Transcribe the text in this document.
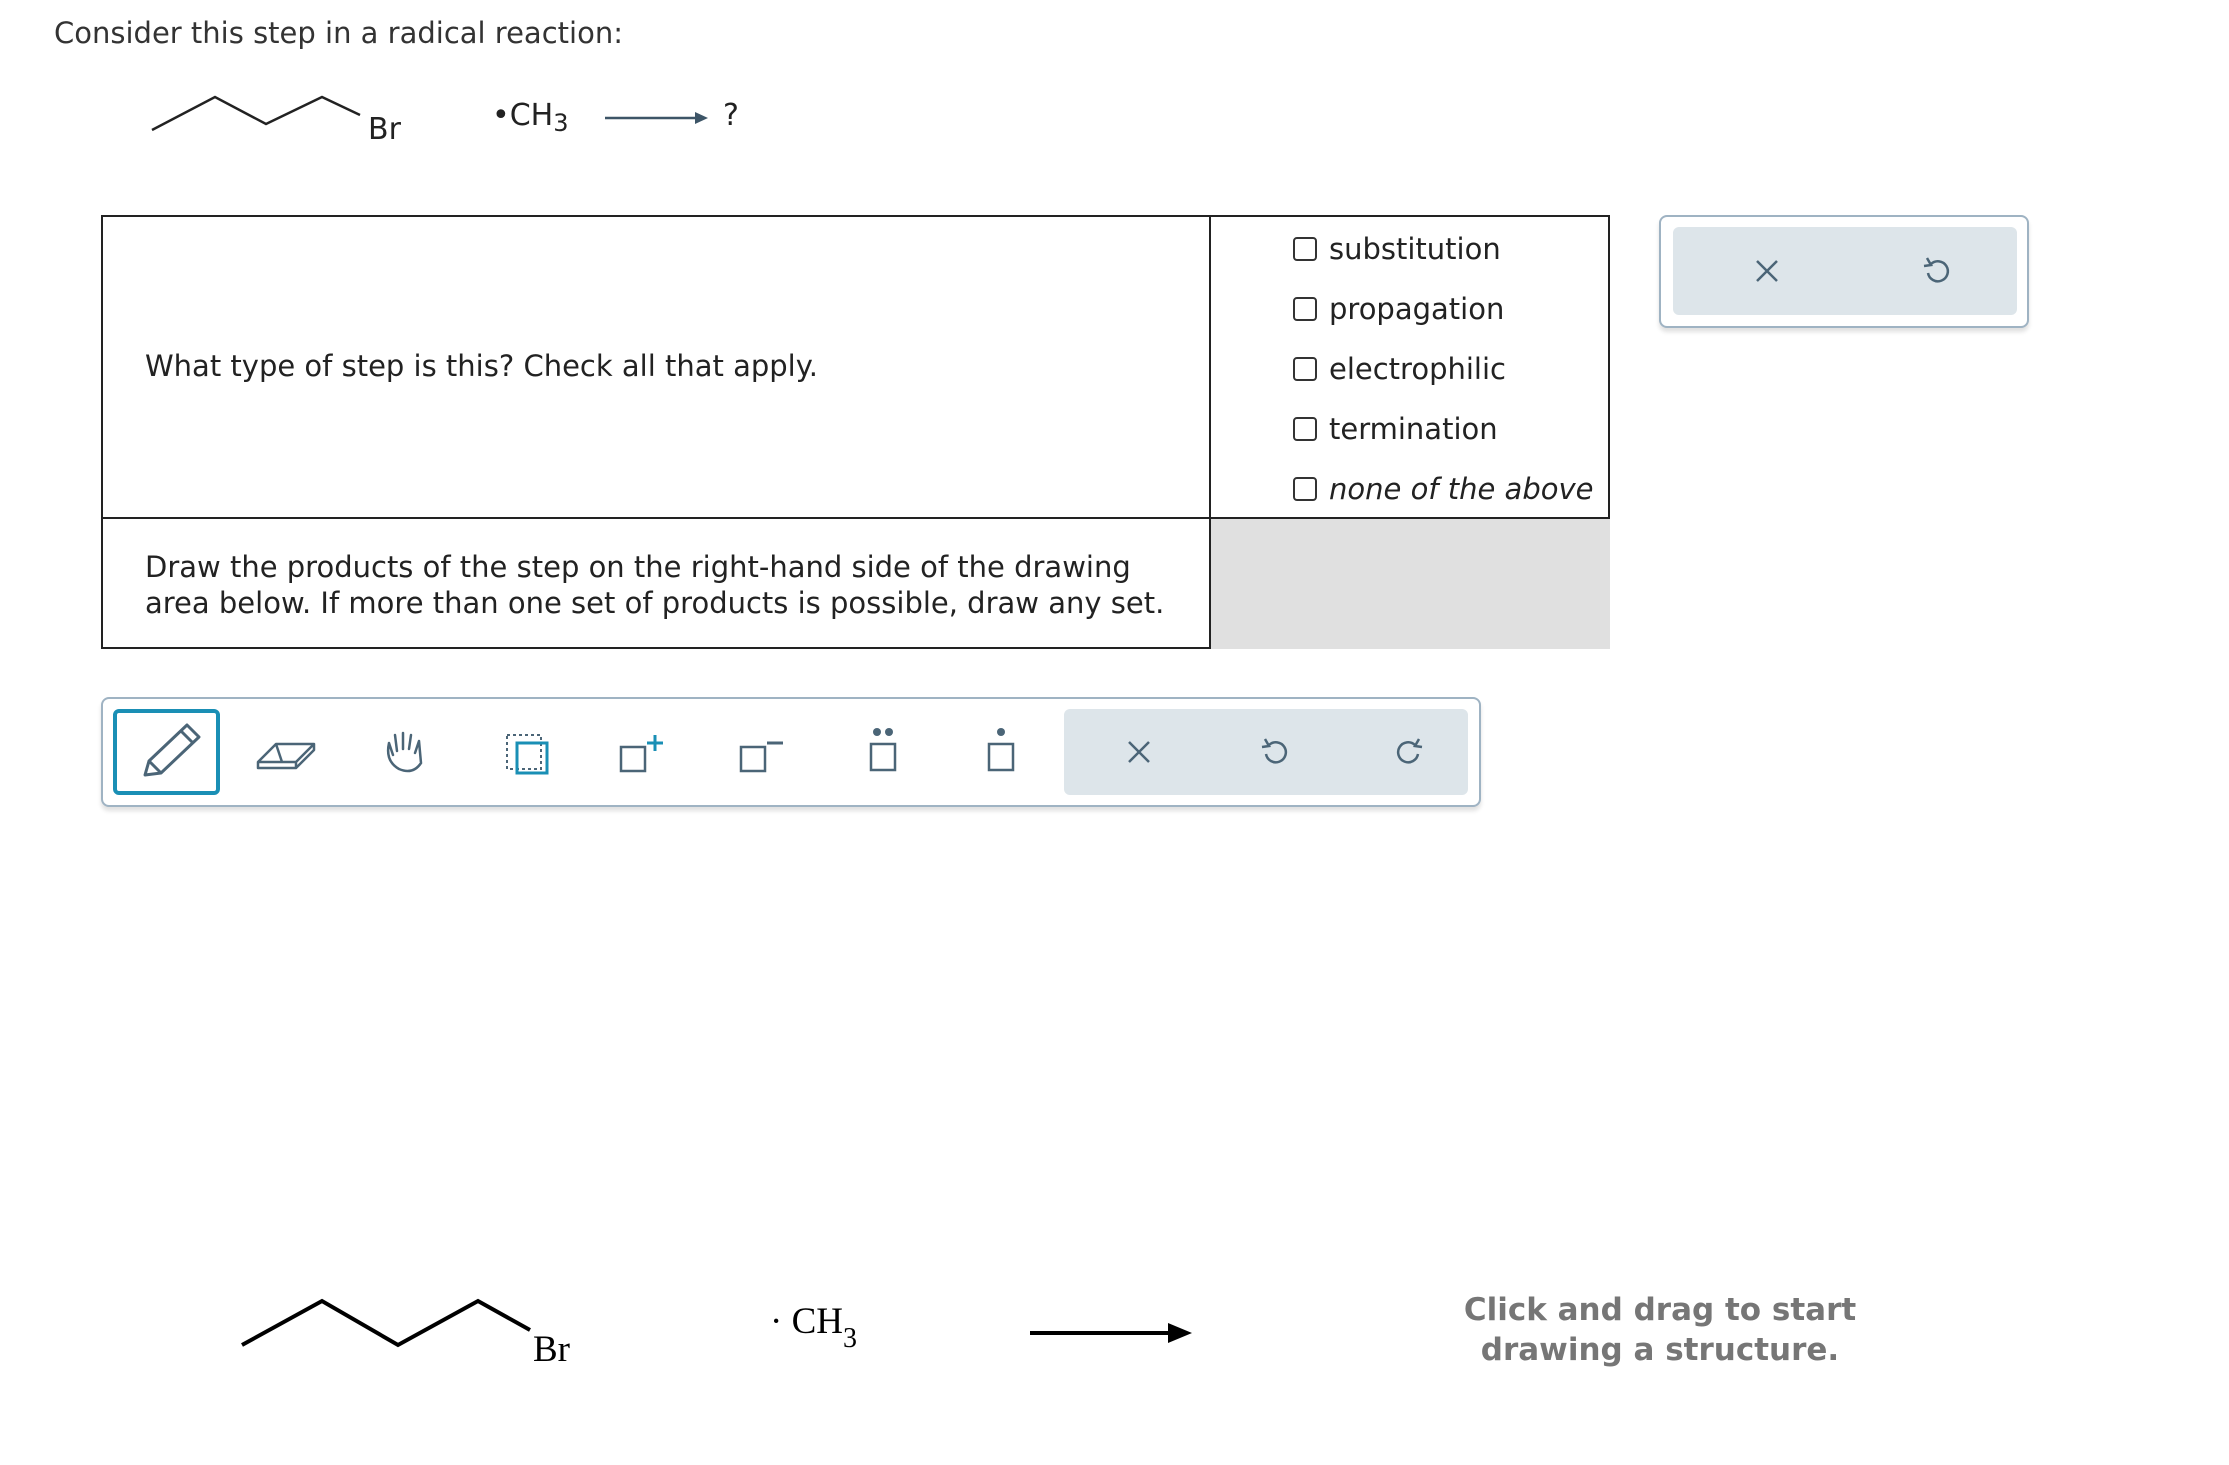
Consider this step in a radical reaction:
Br	$•CH_3$	?
What type of step is this? Check all that apply.
substitution
propagation
electrophilic
termination
none of the above
Draw the products of the step on the right-hand side of the drawing area below. If more than one set of products is possible, draw any set.
Br
· $CH_3$
Click and drag to start
drawing a structure.
